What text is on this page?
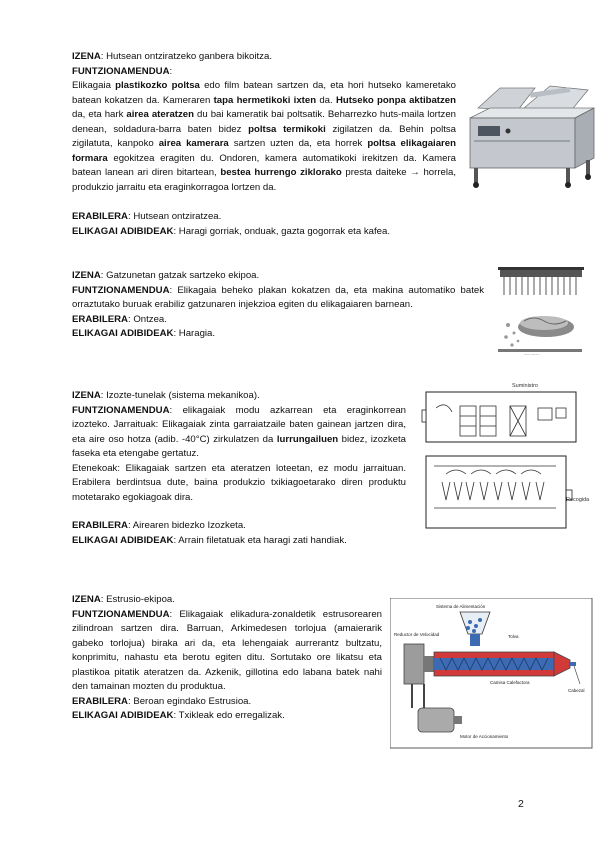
IZENA: Hutsean ontziratzeko ganbera bikoitza.

FUNTZIONAMENDUA:

Elikagaia plastikozko poltsa edo film batean sartzen da, eta hori hutseko kameretako batean kokatzen da. Kameraren tapa hermetikoki ixten da. Hutseko ponpa aktibatzen da, eta hark airea ateratzen du bai kameratik bai poltsatik. Beharrezko huts-maila lortzen denean, soldadura-barra baten bidez poltsa termikoki zigilatzen da. Behin poltsa zigilatuta, kanpoko airea kamerara sartzen uzten da, eta horrek poltsa elikagaiaren formara egokitzea eragiten du. Ondoren, kamera automatikoki irekitzen da. Kamera batean lanean ari diren bitartean, bestea hurrengo ziklorako presta daiteke → horrela, produkzio jarraitu eta eraginkorragoa lortzen da.

ERABILERA: Hutsean ontziratzea.

ELIKAGAI ADIBIDEAK: Haragi gorriak, onduak, gazta gogorrak eta kafea.

IZENA: Gatzunetan gatzak sartzeko ekipoa.

FUNTZIONAMENDUA: Elikagaia beheko plakan kokatzen da, eta makina automatiko batek orraztutako buruak erabiliz gatzunaren injekzioa egiten du elikagaiaren barnean.

ERABILERA: Ontzea.

ELIKAGAI ADIBIDEAK: Haragia.

~~~ ~~~~

IZENA: Izozte-tunelak (sistema mekanikoa).

FUNTZIONAMENDUA: elikagaiak modu azkarrean eta eraginkorrean izozteko. Jarraituak: Elikagaiak zinta garraiatzaile baten gainean jartzen dira, eta aire oso hotza (adib. -40°C) zirkulatzen da lurrungailuen bidez, izozketa faseka eta etengabe gertatuz.

Etenekoak: Elikagaiak sartzen eta ateratzen loteetan, ez modu jarraituan. Erabilera berdintsua dute, baina produkzio txikiagoetarako diren produktu motetarako egokiagoak dira.

ERABILERA: Airearen bidezko Izozketa.

ELIKAGAI ADIBIDEAK: Arrain filetatuak eta haragi zati handiak.

Suministro
Recogida

IZENA: Estrusio-ekipoa.

FUNTZIONAMENDUA: Elikagaiak elikadura-zonaldetik estrusorearen zilindroan sartzen dira. Barruan, Arkimedesen torlojua (amaierarik gabeko torlojua) biraka ari da, eta lehengaiak aurrerantz bultzatu, konprimitu, nahastu eta berotu egiten ditu. Sortutako ore likatsu eta plastikoa pitatik ateratzen da. Azkenik, gillotina edo labana batek nahi den tamainan mozten du produktua.

ERABILERA: Beroan egindako Estrusioa.

ELIKAGAI ADIBIDEAK: Txikleak edo erregalizak.

Sistema de Alimentación
Reductor de Velocidad	Tolva
Camisa Calefactora
Cabezal
Motor de Accionamiento
2
